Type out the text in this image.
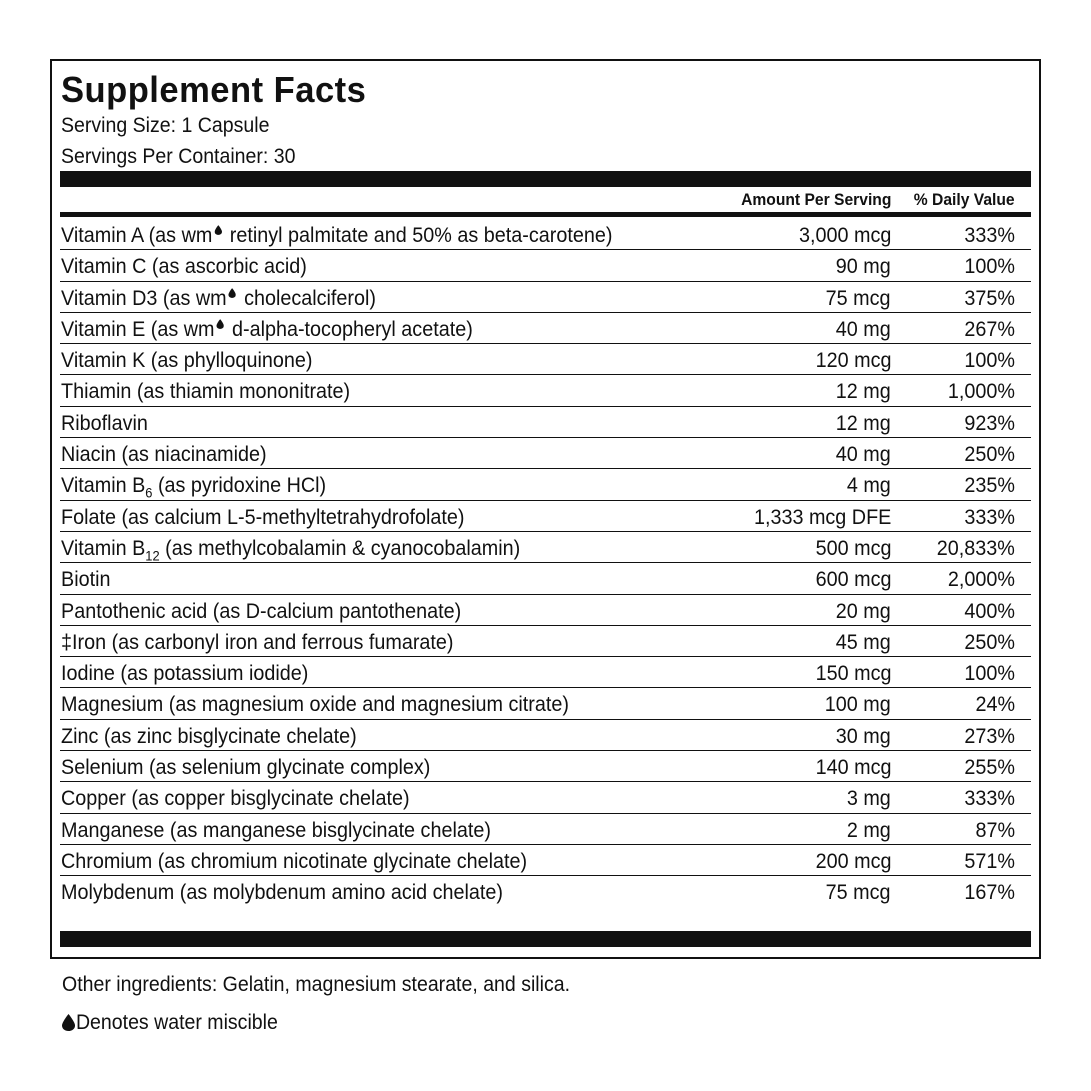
Supplement Facts
Serving Size: 1 Capsule
Servings Per Container: 30
Amount Per Serving % Daily Value
Vitamin A (as wm retinyl palmitate and 50% as beta-carotene)	3,000 mcg	333%
Vitamin C (as ascorbic acid)	90 mg	100%
Vitamin D3 (as wm cholecalciferol)	75 mcg	375%
Vitamin E (as wm d-alpha-tocopheryl acetate)	40 mg	267%
Vitamin K (as phylloquinone)	120 mcg	100%
Thiamin (as thiamin mononitrate)	12 mg	1,000%
Riboflavin	12 mg	923%
Niacin (as niacinamide)	40 mg	250%
Vitamin $B_6$ (as pyridoxine HCl)	4 mg	235%
Folate (as calcium L-5-methyltetrahydrofolate)	1,333 mcg DFE	333%
Vitamin $B_{12}$ (as methylcobalamin & cyanocobalamin)	500 mcg 20,833%
Biotin	600 mcg	2,000%
Pantothenic acid (as D-calcium pantothenate)	20 mg	400%
‡Iron (as carbonyl iron and ferrous fumarate)	45 mg	250%
Iodine (as potassium iodide)	150 mcg	100%
Magnesium (as magnesium oxide and magnesium citrate)	100 mg	24%
Zinc (as zinc bisglycinate chelate)	30 mg	273%
Selenium (as selenium glycinate complex)	140 mcg	255%
Copper (as copper bisglycinate chelate)	3 mg	333%
Manganese (as manganese bisglycinate chelate)	2 mg	87%
Chromium (as chromium nicotinate glycinate chelate)	200 mcg	571%
Molybdenum (as molybdenum amino acid chelate)	75 mcg	167%
Other ingredients: Gelatin, magnesium stearate, and silica.
Denotes water miscible
